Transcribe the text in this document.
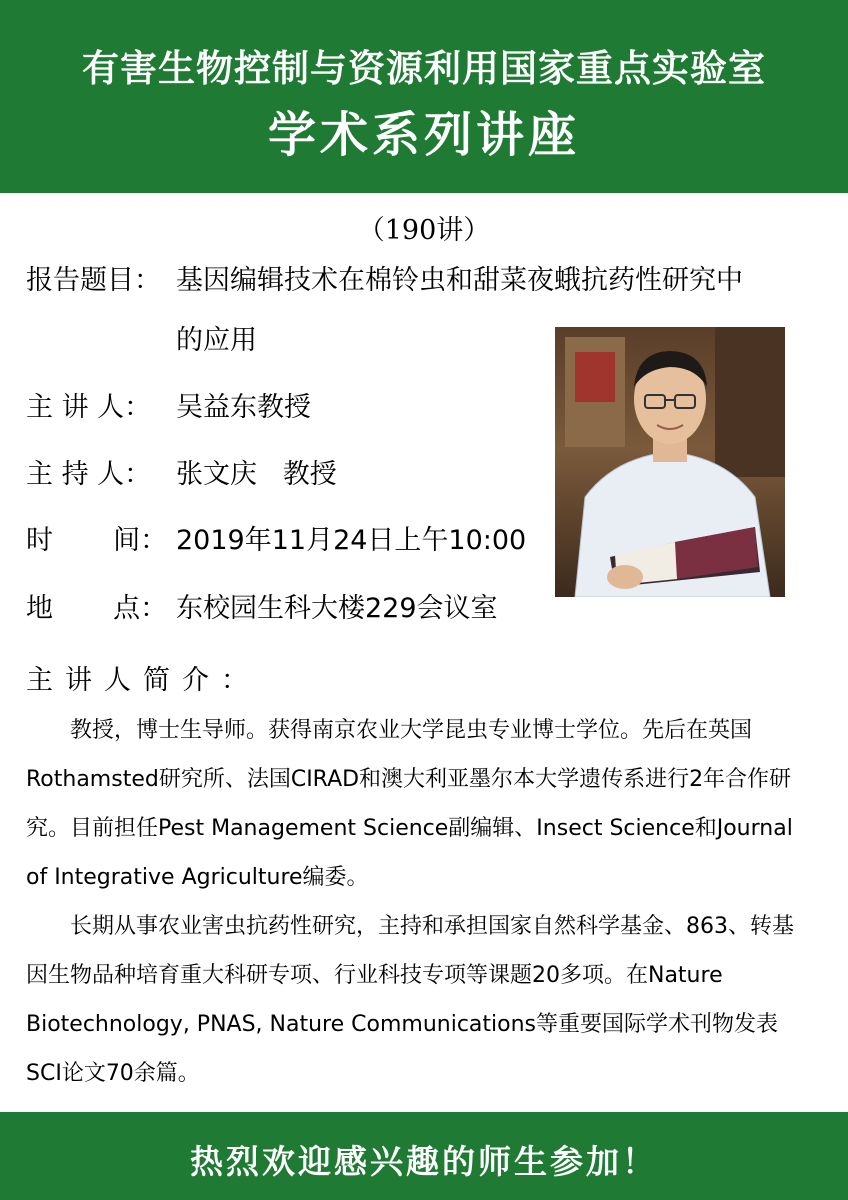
有害生物控制与资源利用国家重点实验室
学术系列讲座
（190讲）
报告题目： 基因编辑技术在棉铃虫和甜菜夜蛾抗药性研究中
的应用
主 讲 人： 吴益东教授
主 持 人： 张文庆   教授
时       间： 2019年11月24日上午10:00
地       点： 东校园生科大楼229会议室
主讲人简介：

教授，博士生导师。获得南京农业大学昆虫专业博士学位。先后在英国Rothamsted研究所、法国CIRAD和澳大利亚墨尔本大学遗传系进行2年合作研究。目前担任Pest Management Science副编辑、Insect Science和Journal of Integrative Agriculture编委。

长期从事农业害虫抗药性研究，主持和承担国家自然科学基金、863、转基因生物品种培育重大科研专项、行业科技专项等课题20多项。在Nature Biotechnology, PNAS, Nature Communications等重要国际学术刊物发表SCI论文70余篇。

热烈欢迎感兴趣的师生参加！
